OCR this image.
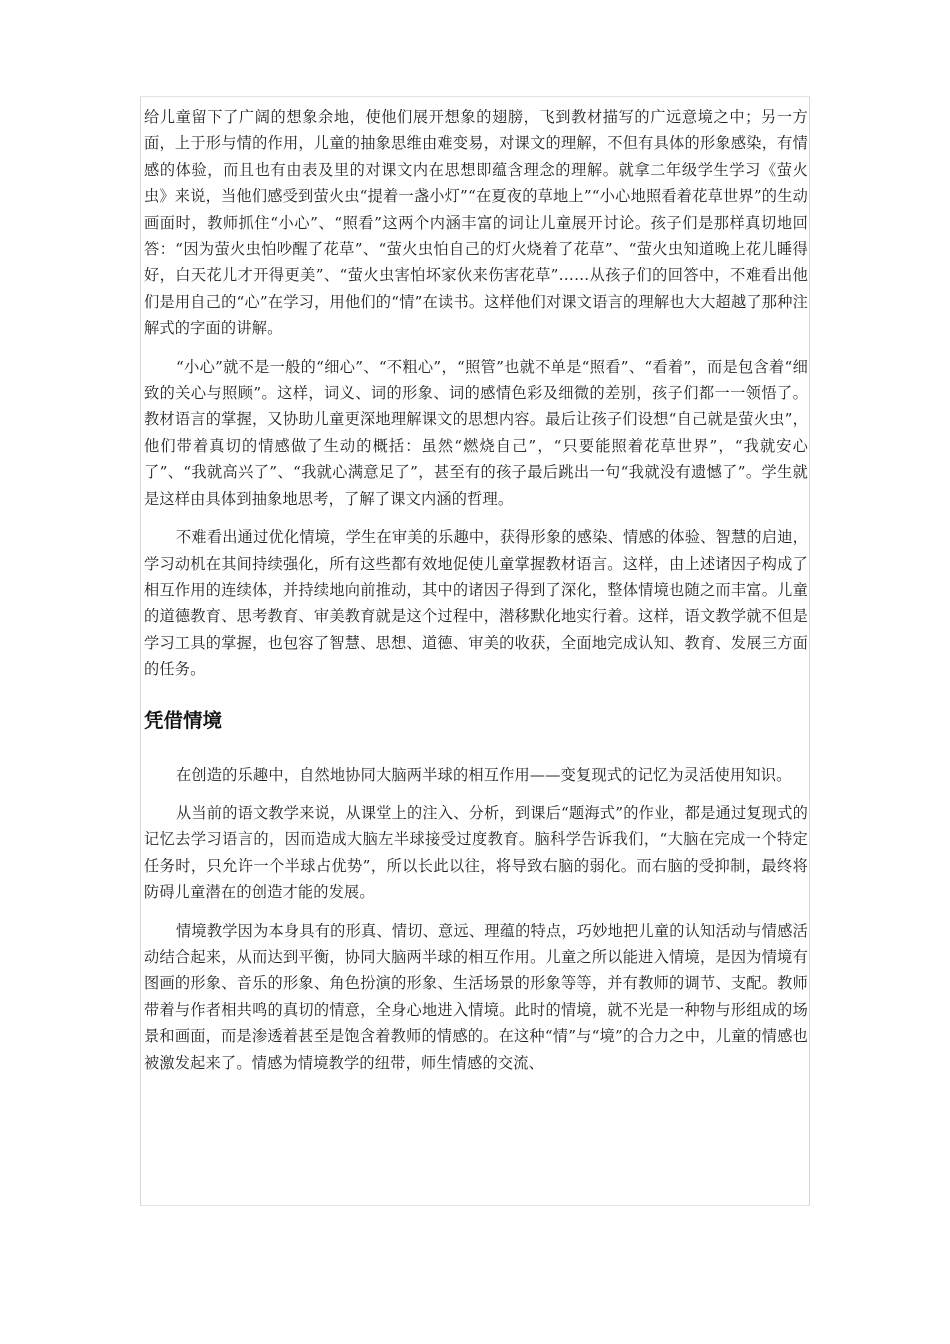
给儿童留下了广阔的想象余地，使他们展开想象的翅膀，飞到教材描写的广远意境之中；另一方面，上于形与情的作用，儿童的抽象思维由难变易，对课文的理解，不但有具体的形象感染，有情感的体验，而且也有由表及里的对课文内在思想即蕴含理念的理解。就拿二年级学生学习《萤火虫》来说，当他们感受到萤火虫“提着一盏小灯”“在夏夜的草地上”“小心地照看着花草世界”的生动画面时，教师抓住“小心”、“照看”这两个内涵丰富的词让儿童展开讨论。孩子们是那样真切地回答：“因为萤火虫怕吵醒了花草”、“萤火虫怕自己的灯火烧着了花草”、“萤火虫知道晚上花儿睡得好，白天花儿才开得更美”、“萤火虫害怕坏家伙来伤害花草”……从孩子们的回答中，不难看出他们是用自己的“心”在学习，用他们的“情”在读书。这样他们对课文语言的理解也大大超越了那种注解式的字面的讲解。

“小心”就不是一般的“细心”、“不粗心”，“照管”也就不单是“照看”、“看着”，而是包含着“细致的关心与照顾”。这样，词义、词的形象、词的感情色彩及细微的差别，孩子们都一一领悟了。教材语言的掌握，又协助儿童更深地理解课文的思想内容。最后让孩子们设想“自己就是萤火虫”，他们带着真切的情感做了生动的概括：虽然“燃烧自己”，“只要能照着花草世界”，“我就安心了”、“我就高兴了”、“我就心满意足了”，甚至有的孩子最后跳出一句“我就没有遗憾了”。学生就是这样由具体到抽象地思考，了解了课文内涵的哲理。

不难看出通过优化情境，学生在审美的乐趣中，获得形象的感染、情感的体验、智慧的启迪，学习动机在其间持续强化，所有这些都有效地促使儿童掌握教材语言。这样，由上述诸因子构成了相互作用的连续体，并持续地向前推动，其中的诸因子得到了深化，整体情境也随之而丰富。儿童的道德教育、思考教育、审美教育就是这个过程中，潜移默化地实行着。这样，语文教学就不但是学习工具的掌握，也包容了智慧、思想、道德、审美的收获，全面地完成认知、教育、发展三方面的任务。

凭借情境

在创造的乐趣中，自然地协同大脑两半球的相互作用——变复现式的记忆为灵活使用知识。

从当前的语文教学来说，从课堂上的注入、分析，到课后“题海式”的作业，都是通过复现式的记忆去学习语言的，因而造成大脑左半球接受过度教育。脑科学告诉我们，“大脑在完成一个特定任务时，只允许一个半球占优势”，所以长此以往，将导致右脑的弱化。而右脑的受抑制，最终将防碍儿童潜在的创造才能的发展。

情境教学因为本身具有的形真、情切、意远、理蕴的特点，巧妙地把儿童的认知活动与情感活动结合起来，从而达到平衡，协同大脑两半球的相互作用。儿童之所以能进入情境，是因为情境有图画的形象、音乐的形象、角色扮演的形象、生活场景的形象等等，并有教师的调节、支配。教师带着与作者相共鸣的真切的情意，全身心地进入情境。此时的情境，就不光是一种物与形组成的场景和画面，而是渗透着甚至是饱含着教师的情感的。在这种“情”与“境”的合力之中，儿童的情感也被激发起来了。情感为情境教学的纽带，师生情感的交流、
